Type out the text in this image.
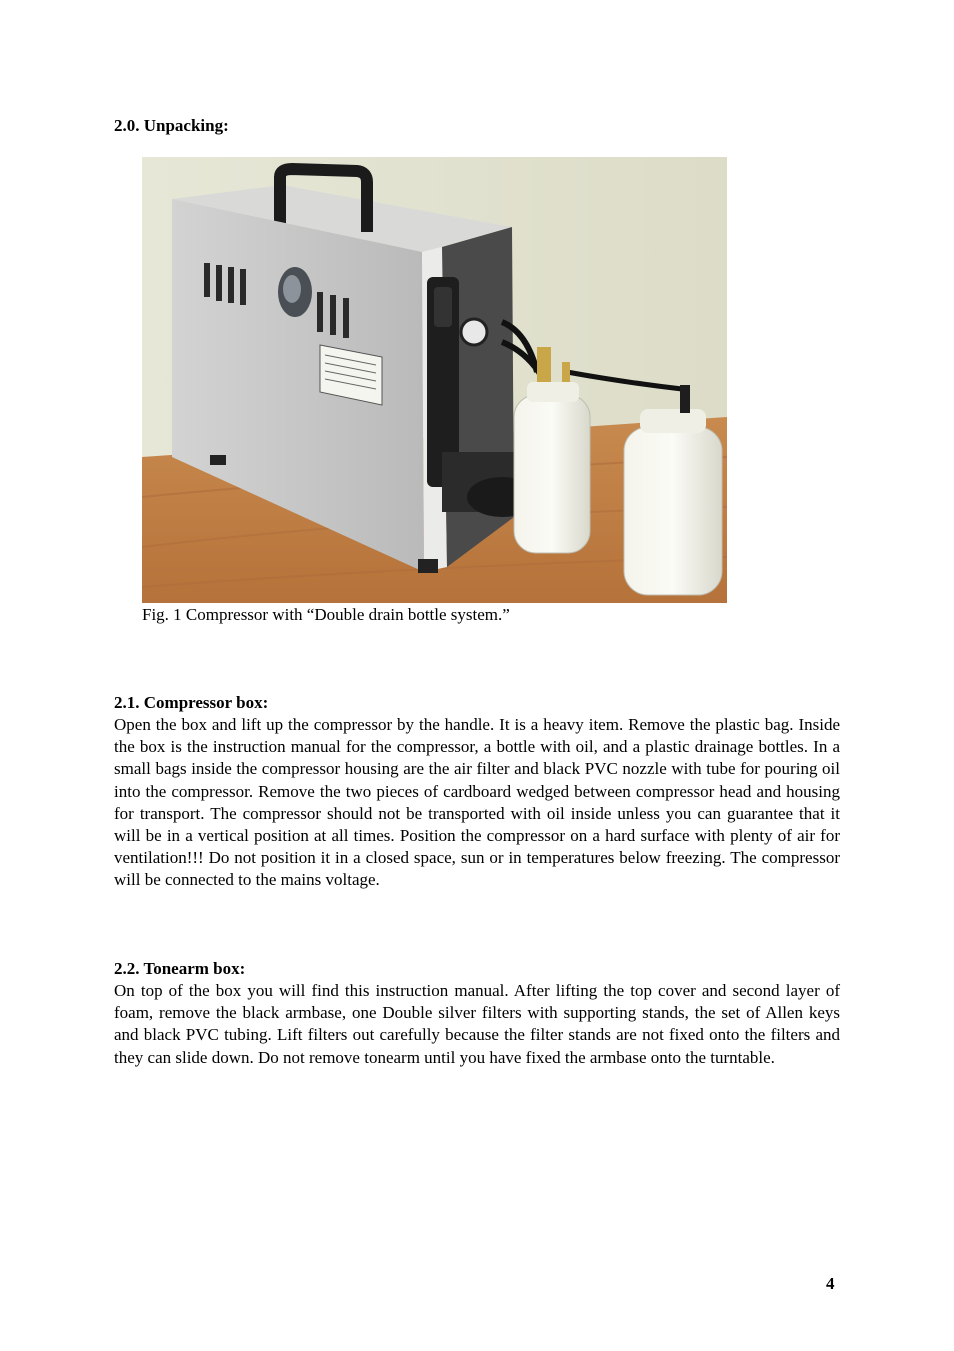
2.0. Unpacking:

Fig. 1 Compressor with “Double drain bottle system.”

2.1. Compressor box:

Open the box and lift up the compressor by the handle. It is a heavy item. Remove the plastic bag. Inside the box is the instruction manual for the compressor, a bottle with oil, and a plastic drainage bottles. In a small bags inside the compressor housing are the air filter and black PVC nozzle with tube for pouring oil into the compressor. Remove the two pieces of cardboard wedged between compressor head and housing for transport. The compressor should not be transported with oil inside unless you can guarantee that it will be in a vertical position at all times. Position the compressor on a hard surface with plenty of air for ventilation!!! Do not position it in a closed space, sun or in temperatures below freezing. The compressor will be connected to the mains voltage.

2.2. Tonearm box:

On top of the box you will find this instruction manual. After lifting the top cover and second layer of foam, remove the black armbase, one Double silver filters with supporting stands, the set of Allen keys and black PVC tubing. Lift filters out carefully because the filter stands are not fixed onto the filters and they can slide down. Do not remove tonearm until you have fixed the armbase onto the turntable.

4
